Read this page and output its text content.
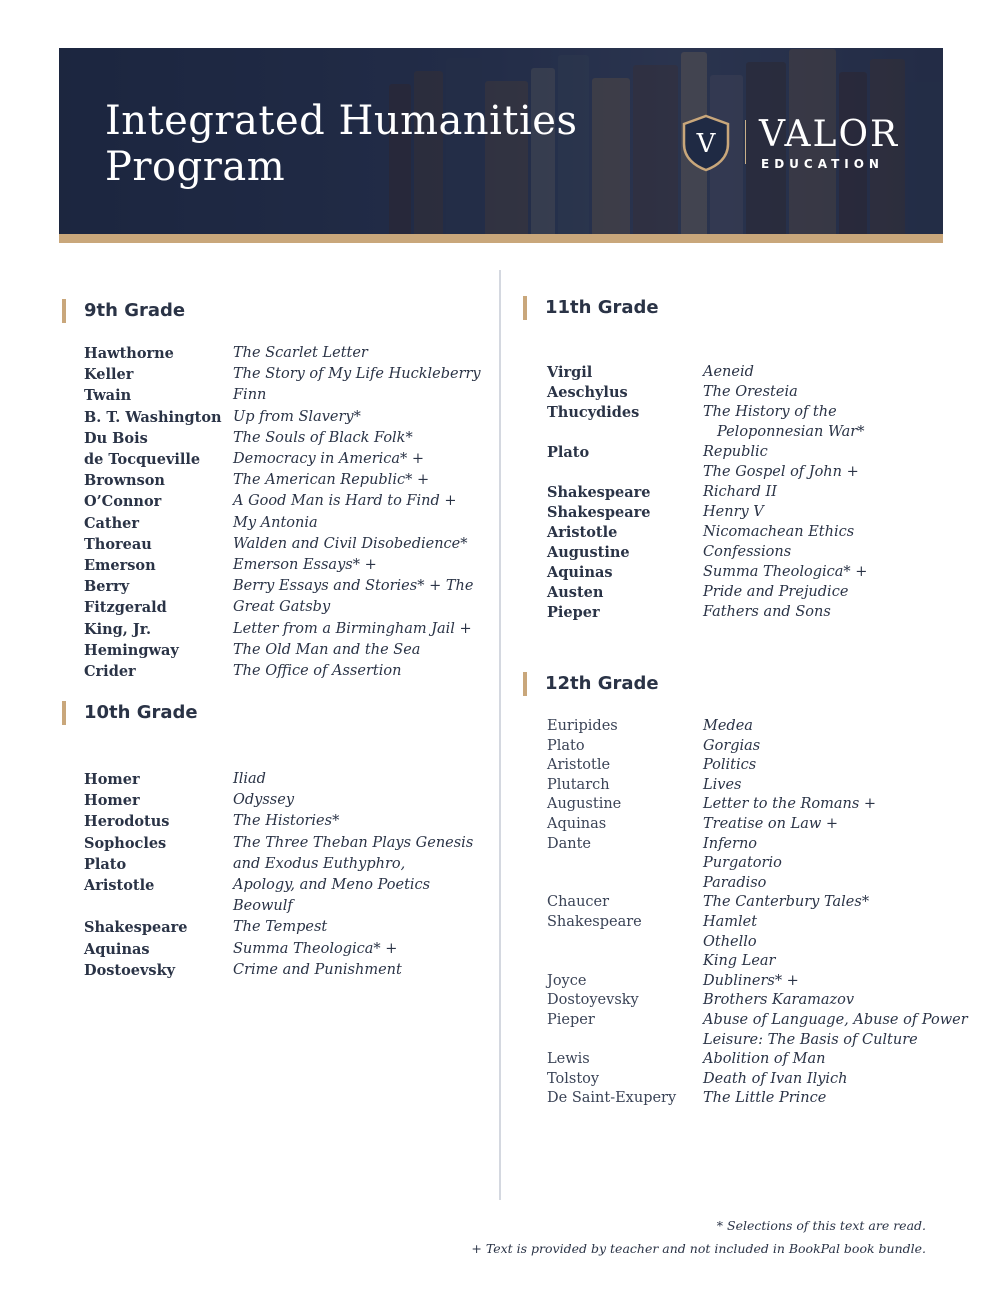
Integrated Humanities
Program	V VALOR
EDUCATION
9th Grade
Hawthorne	The Scarlet Letter
Keller	The Story of My Life Huckleberry
Twain	Finn
B. T. Washington Up from Slavery*
Du Bois	The Souls of Black Folk*
de Tocqueville Democracy in America* +
Brownson	The American Republic* +
O’Connor	A Good Man is Hard to Find +
Cather	My Antonia
Thoreau	Walden and Civil Disobedience*
Emerson	Emerson Essays* +
Berry	Berry Essays and Stories* + The
Fitzgerald	Great Gatsby
King, Jr.	Letter from a Birmingham Jail +
Hemingway	The Old Man and the Sea
Crider	The Office of Assertion
10th Grade
Homer	Iliad
Homer	Odyssey
Herodotus	The Histories*
Sophocles	The Three Theban Plays Genesis
Plato	and Exodus Euthyphro,
Aristotle	Apology, and Meno Poetics
Beowulf
Shakespeare	The Tempest
Aquinas	Summa Theologica* +
Dostoevsky	Crime and Punishment
11th Grade
Virgil	Aeneid
Aeschylus	The Oresteia
Thucydides	The History of the
Peloponnesian War*
Plato	Republic
The Gospel of John +
Shakespeare	Richard II
Shakespeare	Henry V
Aristotle	Nicomachean Ethics
Augustine	Confessions
Aquinas	Summa Theologica* +
Austen	Pride and Prejudice
Pieper	Fathers and Sons
12th Grade
Euripides	Medea
Plato	Gorgias
Aristotle	Politics
Plutarch	Lives
Augustine	Letter to the Romans +
Aquinas	Treatise on Law +
Dante	Inferno
Purgatorio
Paradiso
Chaucer	The Canterbury Tales*
Shakespeare	Hamlet
Othello
King Lear
Joyce	Dubliners* +
Dostoyevsky	Brothers Karamazov
Pieper	Abuse of Language, Abuse of Power
Leisure: The Basis of Culture
Lewis	Abolition of Man
Tolstoy	Death of Ivan Ilyich
De Saint-Exupery The Little Prince

* Selections of this text are read.

+ Text is provided by teacher and not included in BookPal book bundle.
